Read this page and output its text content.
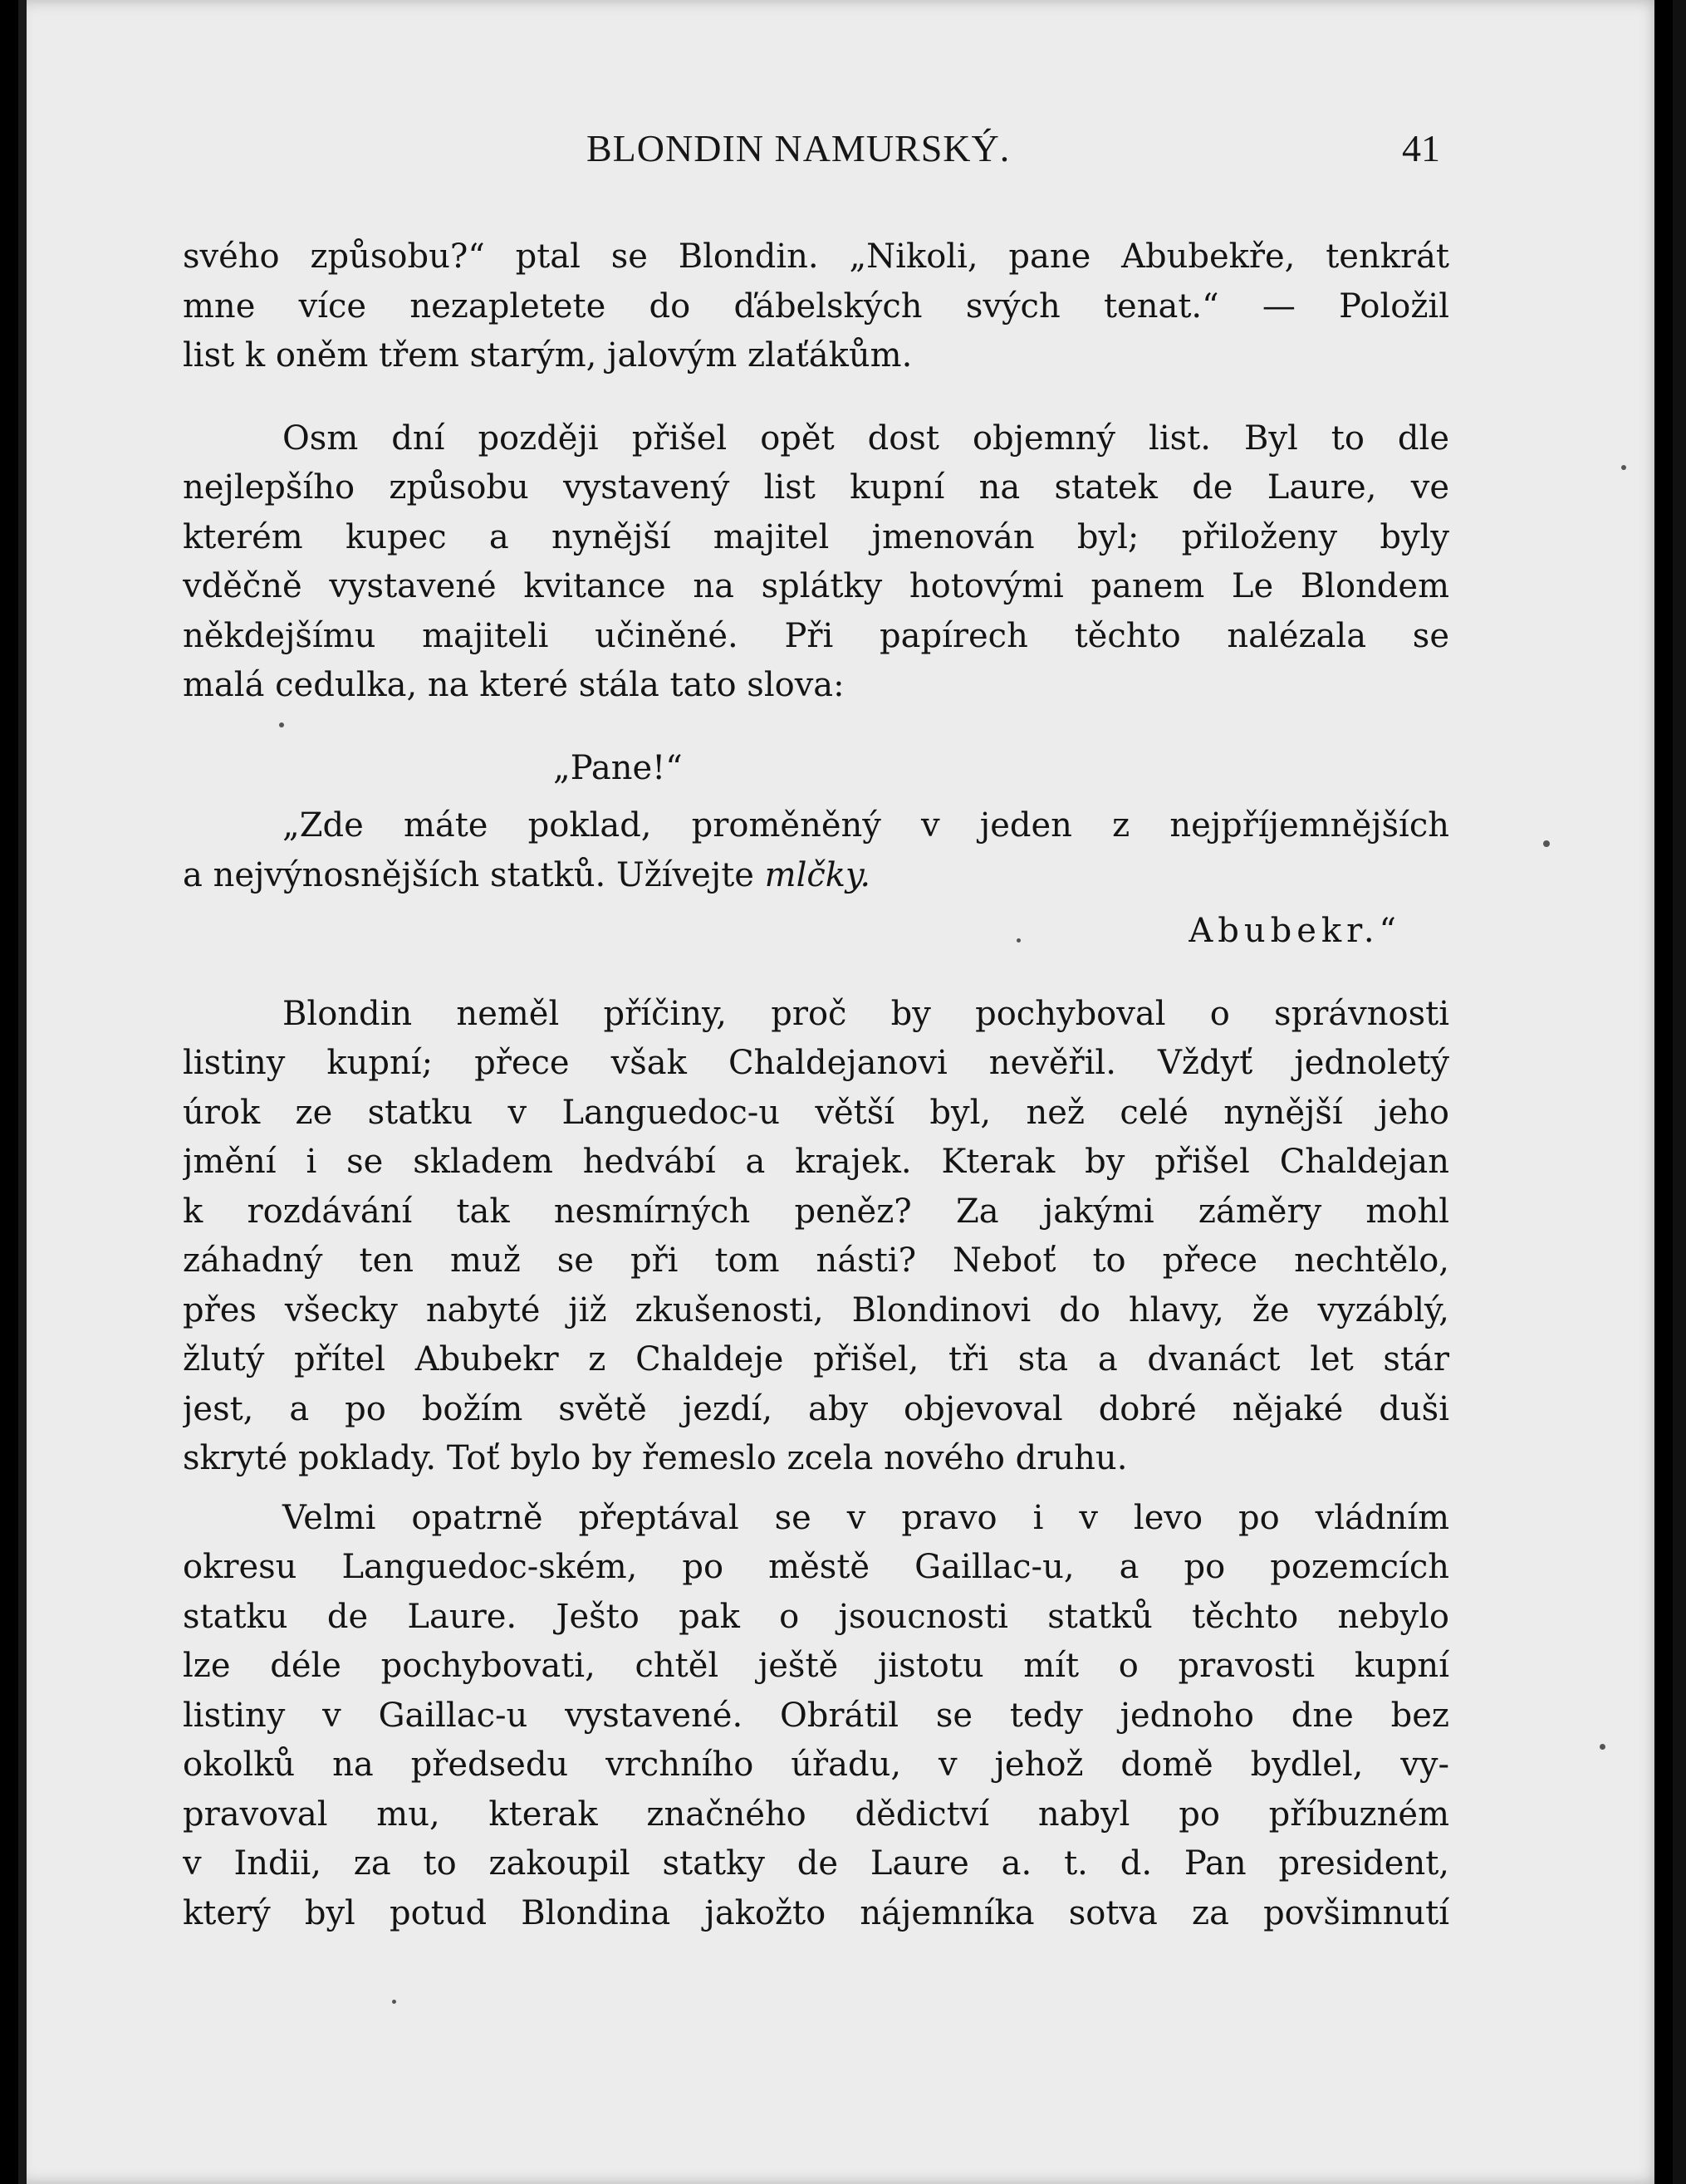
BLONDIN NAMURSKÝ.	41
svého způsobu?“ ptal se Blondin. „Nikoli, pane Abubekře, tenkrát
mne více nezapletete do ďábelských svých tenat.“ — Položil
list k oněm třem starým, jalovým zlaťákům.
Osm dní později přišel opět dost objemný list. Byl to dle
nejlepšího způsobu vystavený list kupní na statek de Laure, ve
kterém kupec a nynější majitel jmenován byl; přiloženy byly
vděčně vystavené kvitance na splátky hotovými panem Le Blondem
někdejšímu majiteli učiněné. Při papírech těchto nalézala se
malá cedulka, na které stála tato slova:
„Pane!“
„Zde máte poklad, proměněný v jeden z nejpříjemnějších
a nejvýnosnějších statků. Užívejte mlčky.
Abubekr.“
Blondin neměl příčiny, proč by pochyboval o správnosti
listiny kupní; přece však Chaldejanovi nevěřil. Vždyť jednoletý
úrok ze statku v Languedoc-u větší byl, než celé nynější jeho
jmění i se skladem hedvábí a krajek. Kterak by přišel Chaldejan
k rozdávání tak nesmírných peněz? Za jakými záměry mohl
záhadný ten muž se při tom násti? Neboť to přece nechtělo,
přes všecky nabyté již zkušenosti, Blondinovi do hlavy, že vyzáblý,
žlutý přítel Abubekr z Chaldeje přišel, tři sta a dvanáct let stár
jest, a po božím světě jezdí, aby objevoval dobré nějaké duši
skryté poklady. Toť bylo by řemeslo zcela nového druhu.
Velmi opatrně přeptával se v pravo i v levo po vládním
okresu Languedoc-ském, po městě Gaillac-u, a po pozemcích
statku de Laure. Ješto pak o jsoucnosti statků těchto nebylo
lze déle pochybovati, chtěl ještě jistotu mít o pravosti kupní
listiny v Gaillac-u vystavené. Obrátil se tedy jednoho dne bez
okolků na předsedu vrchního úřadu, v jehož domě bydlel, vy-
pravoval mu, kterak značného dědictví nabyl po příbuzném
v Indii, za to zakoupil statky de Laure a. t. d. Pan president,
který byl potud Blondina jakožto nájemníka sotva za povšimnutí
